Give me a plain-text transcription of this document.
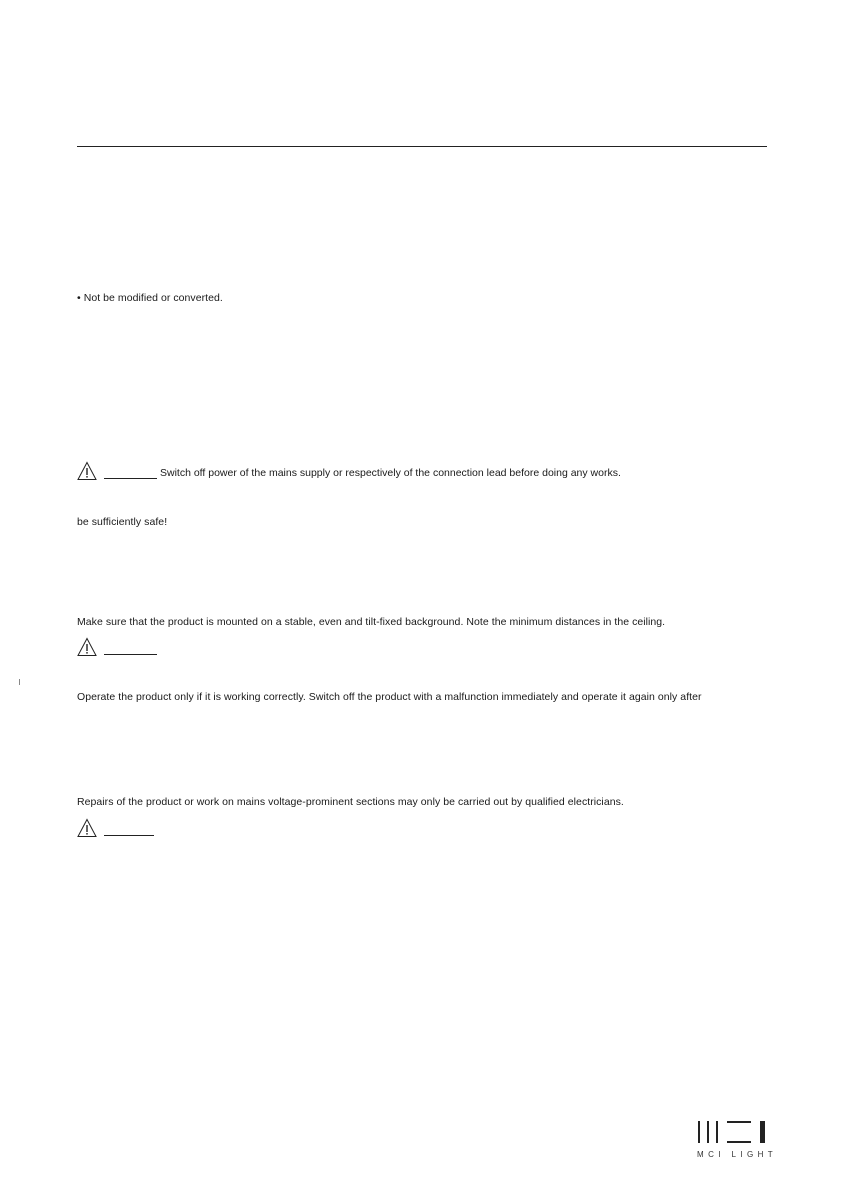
• Not be modified or converted.
Switch off power of the mains supply or respectively of the connection lead before doing any works.
be sufficiently safe!
Make sure that the product is mounted on a stable, even and tilt-fixed background. Note the minimum distances in the ceiling.
Operate the product only if it is working correctly. Switch off the product with a malfunction immediately and operate it again only after
Repairs of the product or work on mains voltage-prominent sections may only be carried out by qualified electricians.
MCI LIGHT
